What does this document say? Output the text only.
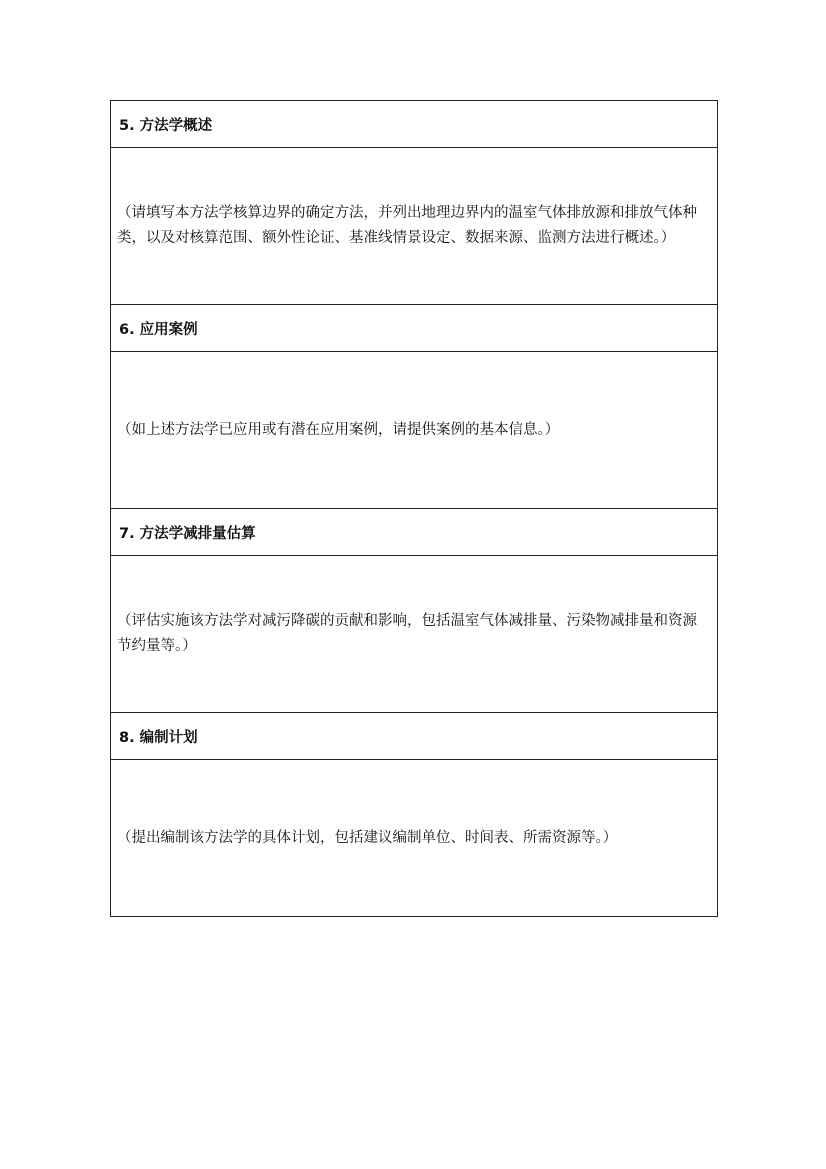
5. 方法学概述
（请填写本方法学核算边界的确定方法，并列出地理边界内的温室气体排放源和排放气体种类，以及对核算范围、额外性论证、基准线情景设定、数据来源、监测方法进行概述。）
6. 应用案例
（如上述方法学已应用或有潜在应用案例，请提供案例的基本信息。）
7. 方法学减排量估算
（评估实施该方法学对减污降碳的贡献和影响，包括温室气体减排量、污染物减排量和资源节约量等。）
8. 编制计划
（提出编制该方法学的具体计划，包括建议编制单位、时间表、所需资源等。）
